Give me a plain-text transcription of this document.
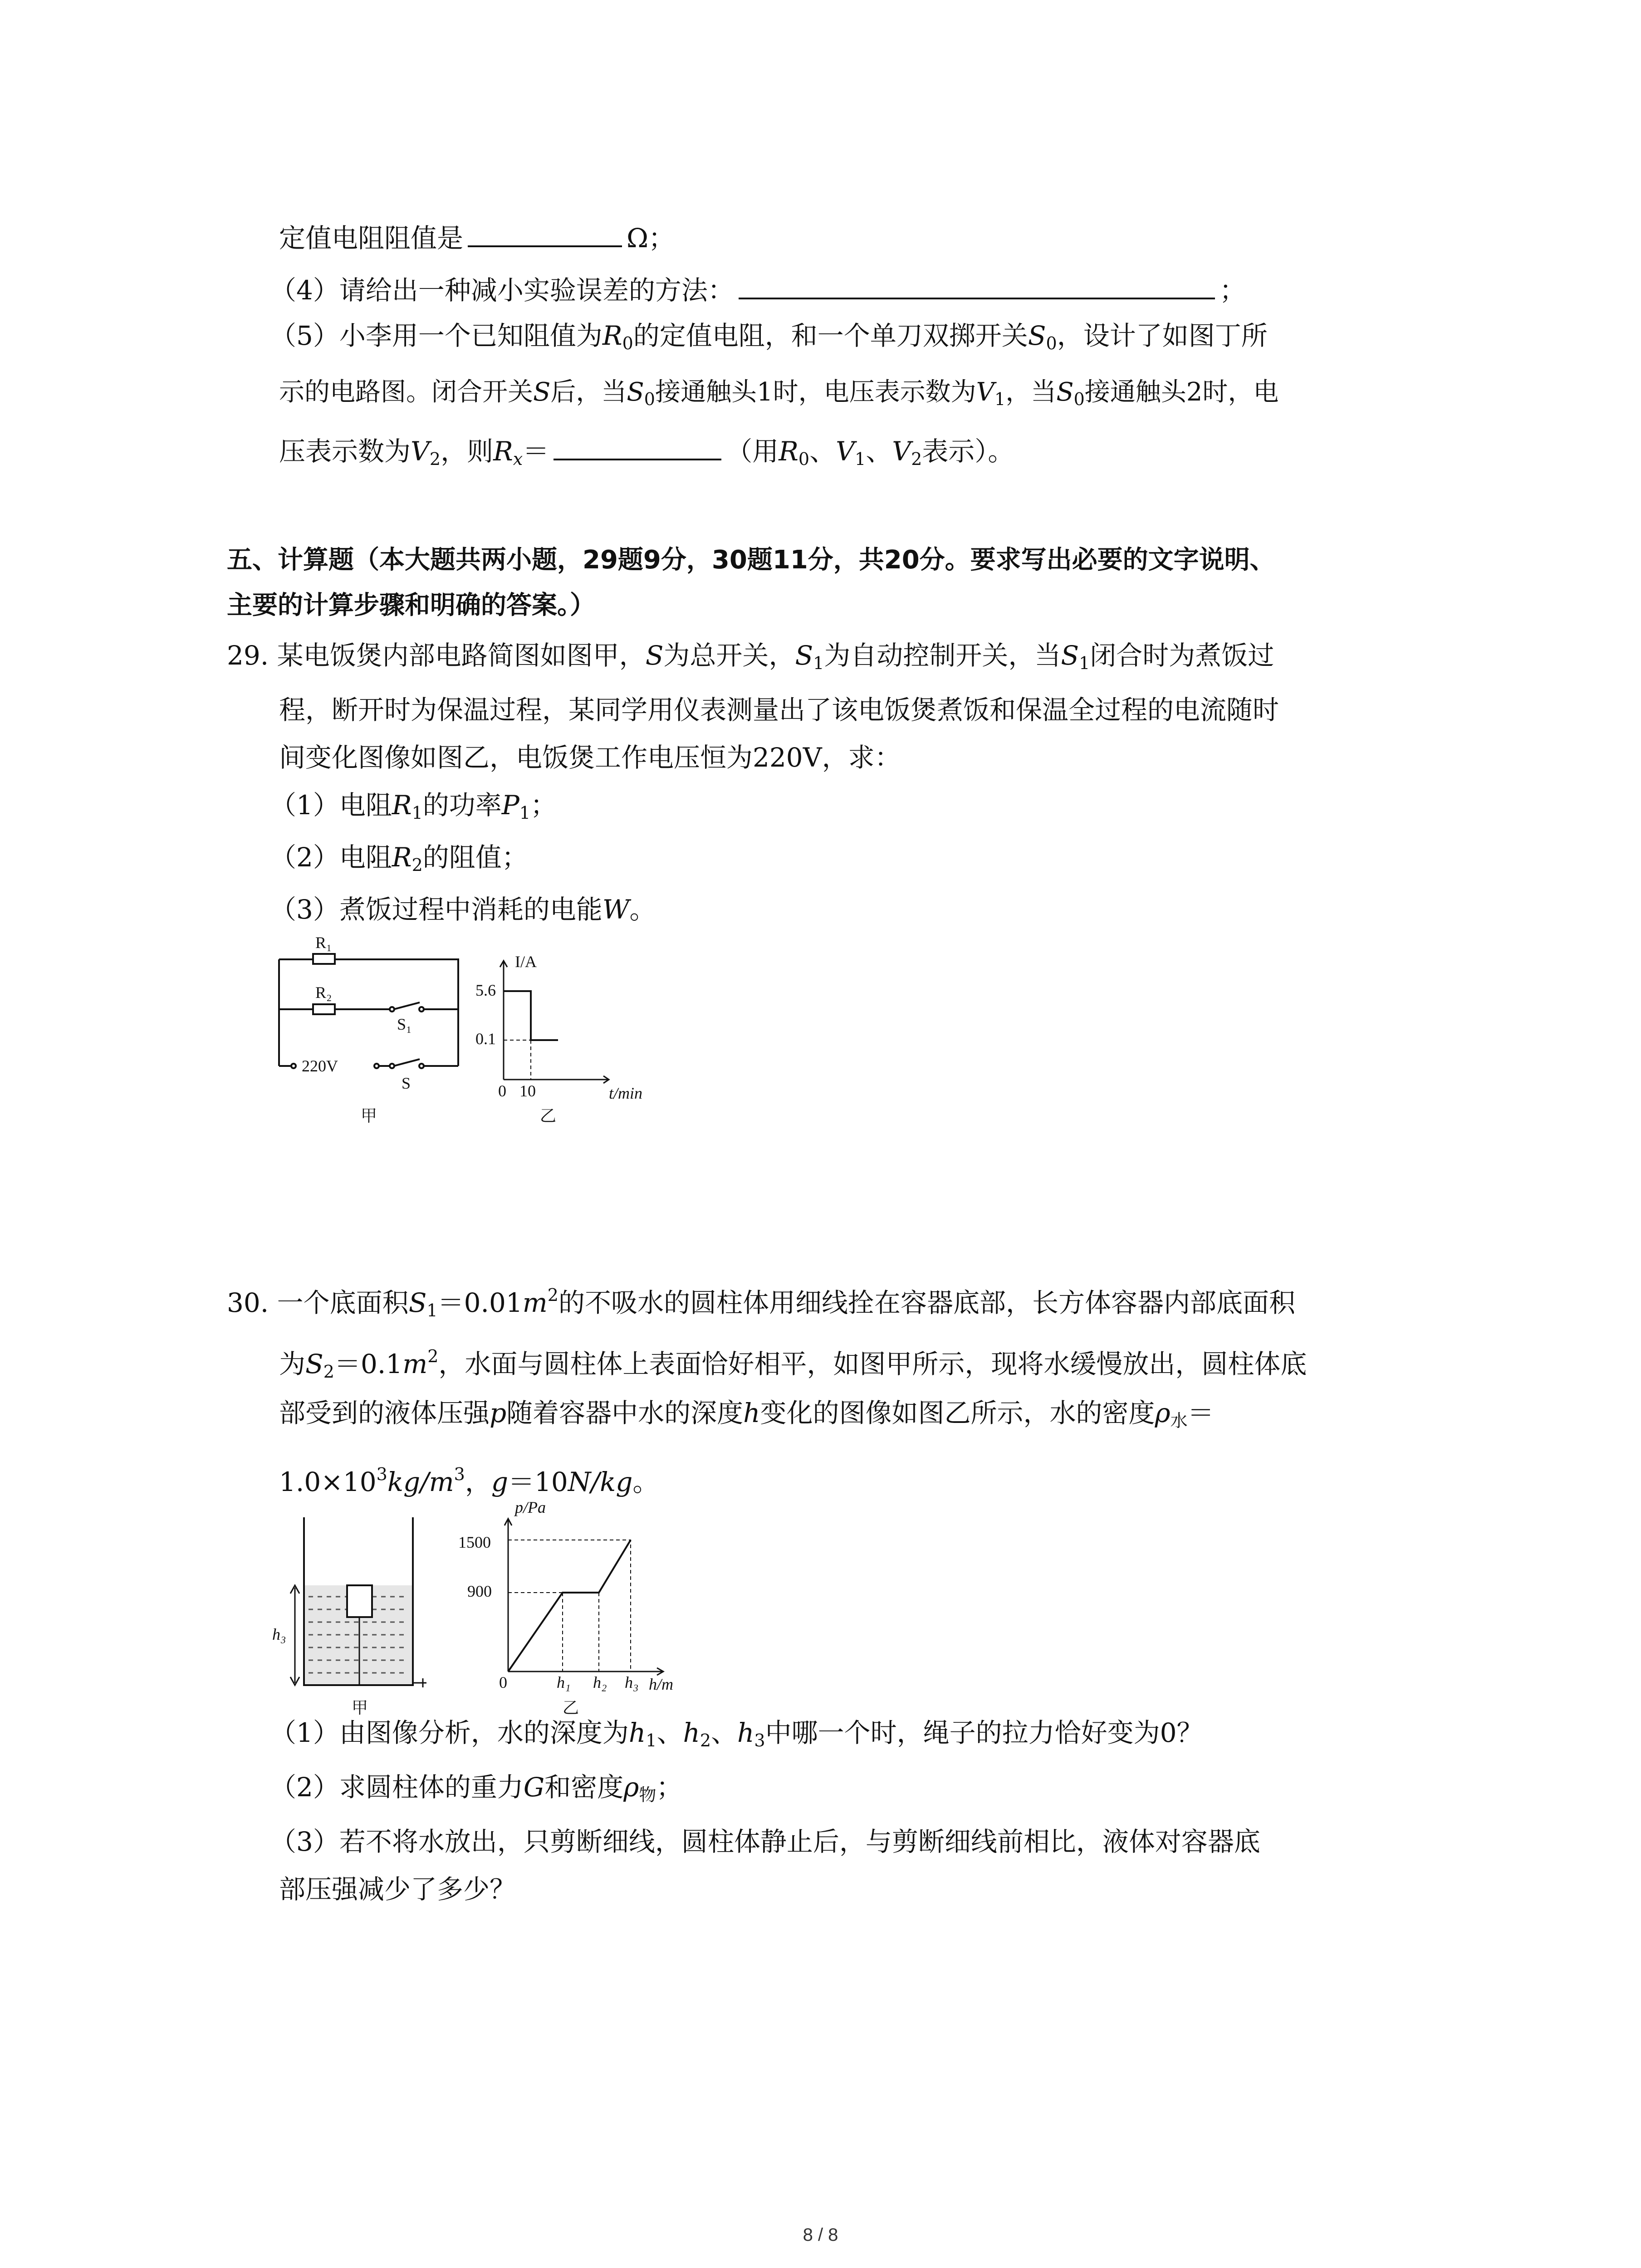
定值电阻阻值是	Ω；
（4）请给出一种减小实验误差的方法：	；
（5）小李用一个已知阻值为$R_0$的定值电阻，和一个单刀双掷开关$S_0$，设计了如图丁所
示的电路图。闭合开关S后，当$S_0$接通触头1时，电压表示数为$V_1$，当$S_0$接通触头2时，电
压表示数为$V_2$，则$R_x=$	（用$R_0$、$V_1$、$V_2$表示）。
五、计算题（本大题共两小题，29题9分，30题11分，共20分。要求写出必要的文字说明、
主要的计算步骤和明确的答案。）
29. 某电饭煲内部电路简图如图甲，S为总开关，$S_1$为自动控制开关，当$S_1$闭合时为煮饭过
程，断开时为保温过程，某同学用仪表测量出了该电饭煲煮饭和保温全过程的电流随时
间变化图像如图乙，电饭煲工作电压恒为220V，求：
（1）电阻$R_1$的功率$P_1$；
（2）电阻$R_2$的阻值；
（3）煮饭过程中消耗的电能W。
R₁
R₂
S₁
220V
S
甲
I/A
5.6
0.1
0 10	t/min
乙
30. 一个底面积$S_1=0.01m^2$的不吸水的圆柱体用细线拴在容器底部，长方体容器内部底面积
为$S_2=0.1m^2$，水面与圆柱体上表面恰好相平，如图甲所示，现将水缓慢放出，圆柱体底
部受到的液体压强p随着容器中水的深度h变化的图像如图乙所示，水的密度$\rho_水=$
$1.0\times 10^3kg/m^3$，g＝10N/kg。
h₃
甲
p/Pa
1500
900
0	h₁ h₂ h₃ h/m
乙
（1）由图像分析，水的深度为$h_1$、$h_2$、$h_3$中哪一个时，绳子的拉力恰好变为0？
（2）求圆柱体的重力G和密度$\rho_物$；
（3）若不将水放出，只剪断细线，圆柱体静止后，与剪断细线前相比，液体对容器底
部压强减少了多少？
8 / 8
